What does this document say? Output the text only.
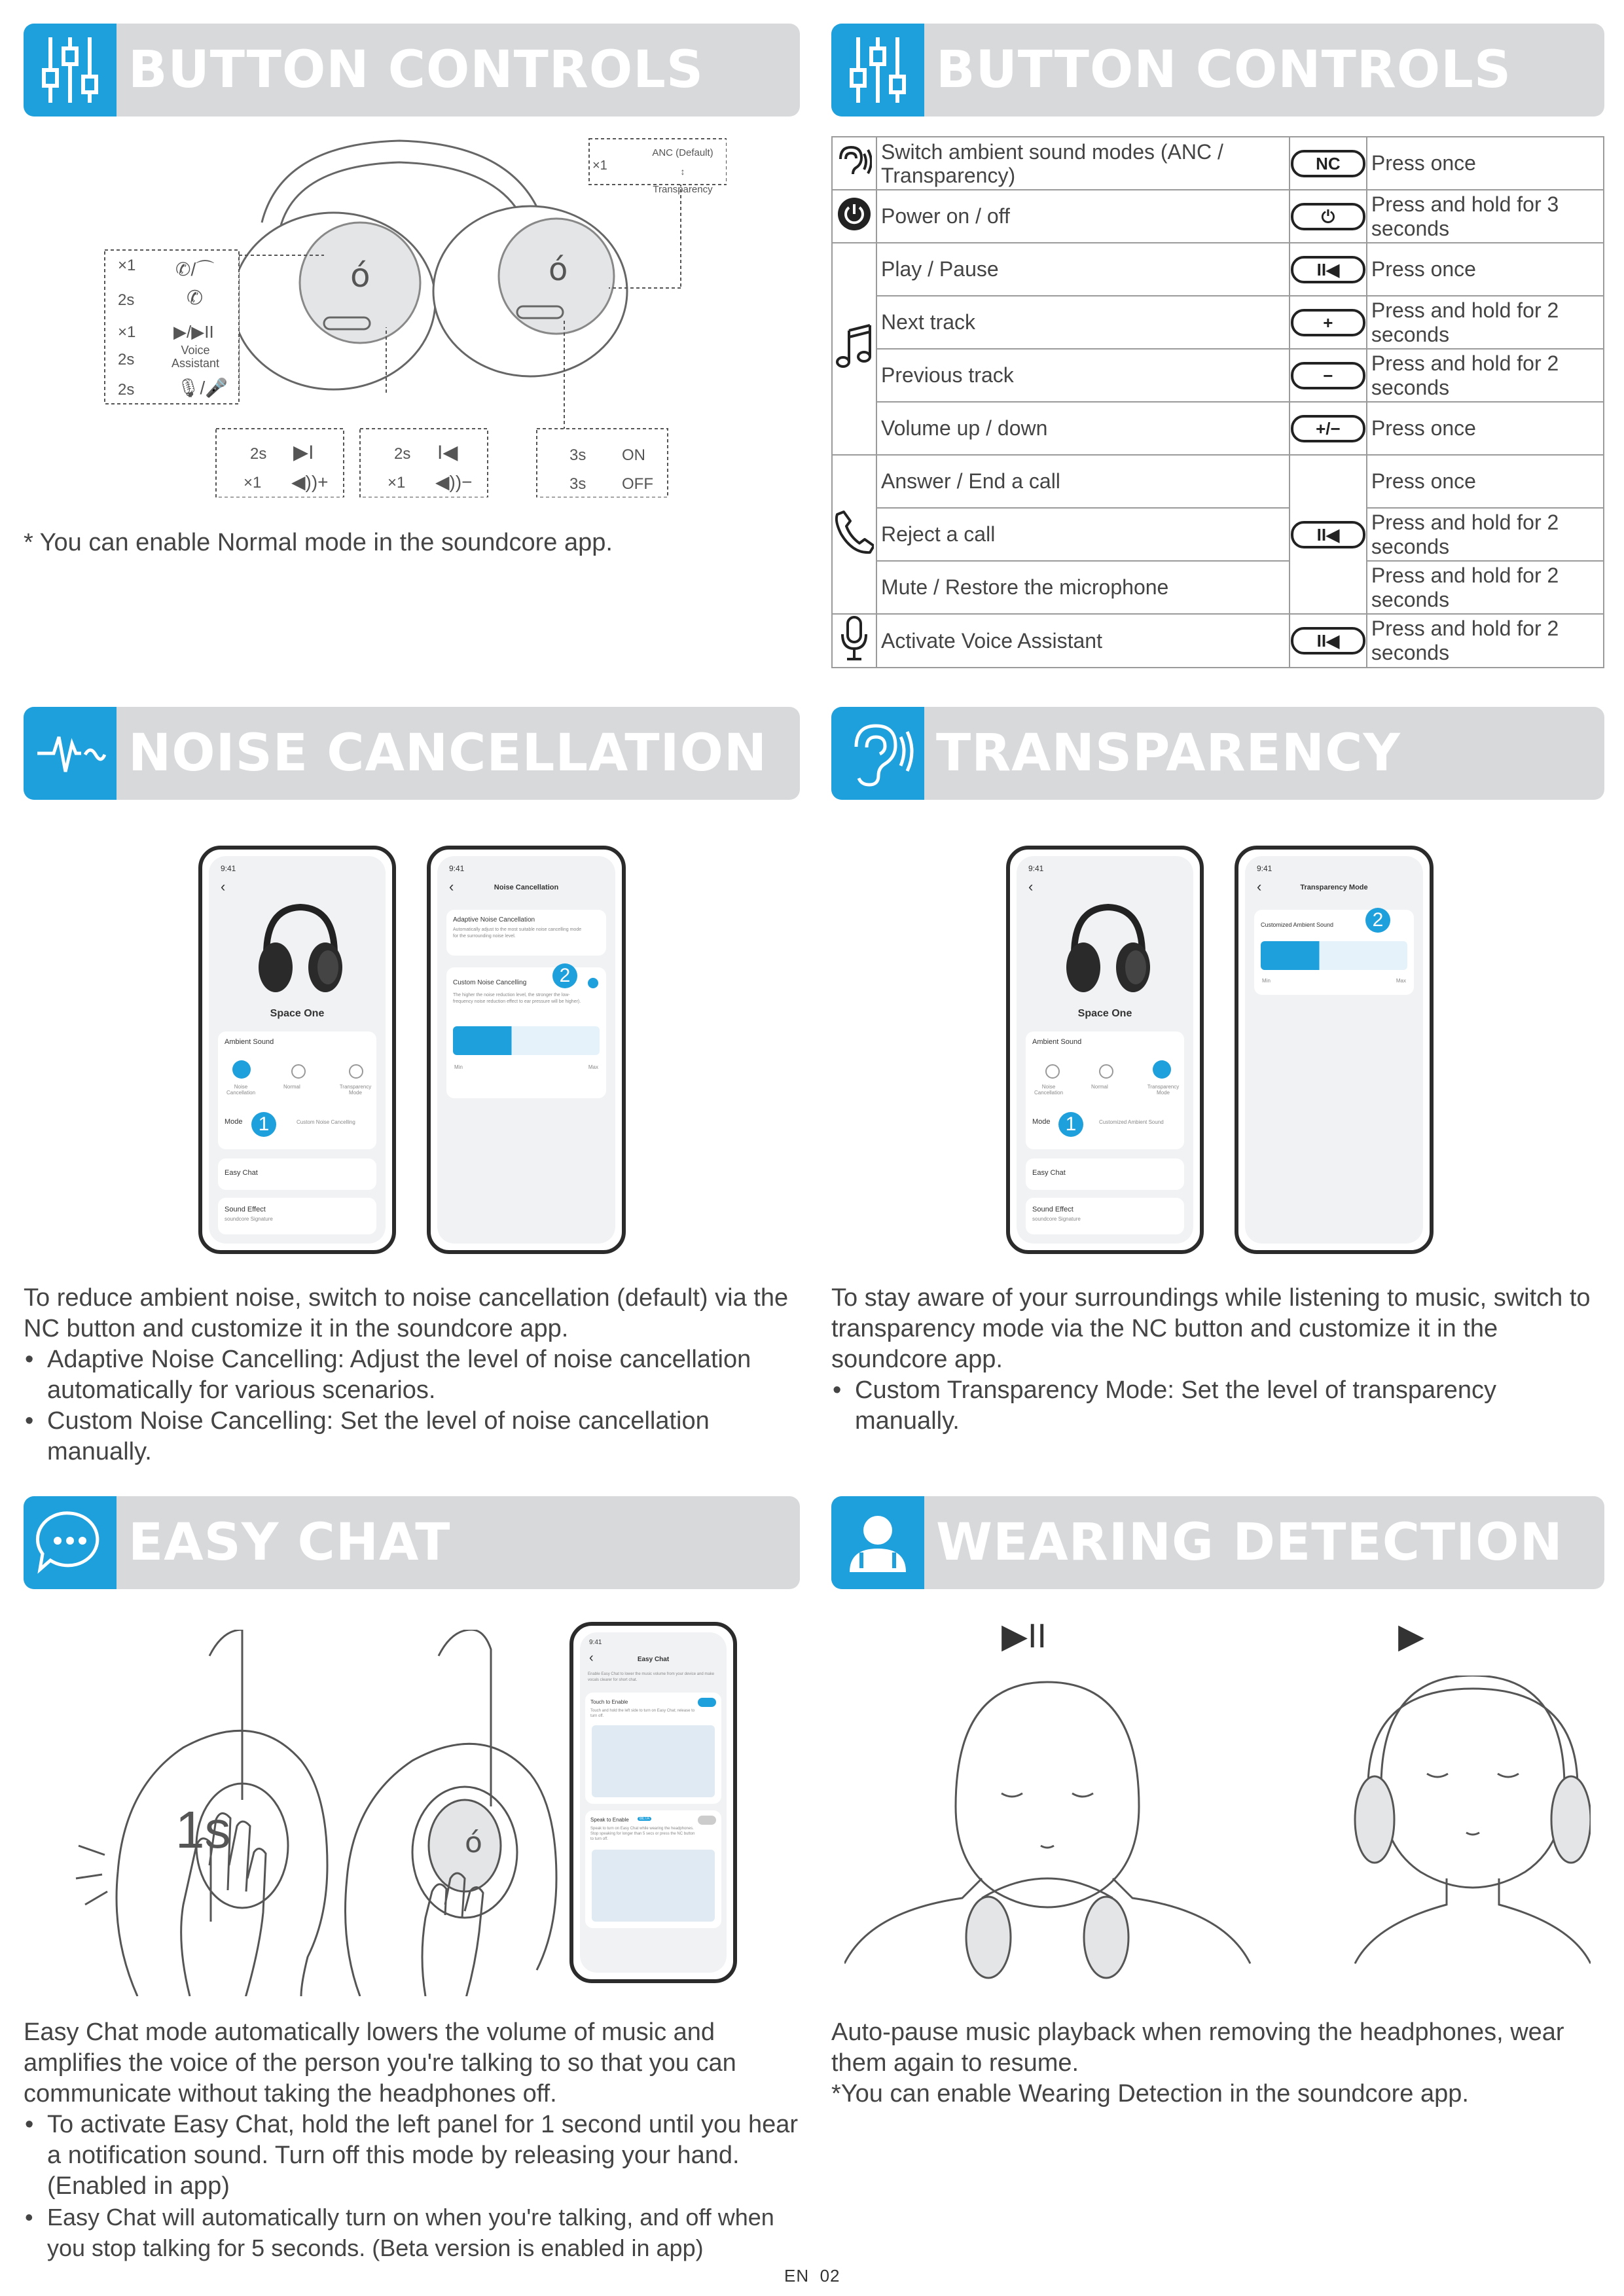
BUTTON CONTROLS	BUTTON CONTROLS
NOISE CANCELLATION	TRANSPARENCY
EASY CHAT	WEARING DETECTION
ó	ó
ANC (Default)
↕
Transparency
×1
×1 ✆/⌒
2s	✆
×1 ▶/▶II
2s
Voice
Assistant
2s 🎙/🎤
2s ▶I
×1 ◀))+
2s I◀
×1 ◀))−
3s ON
3s OFF
* You can enable Normal mode in the soundcore app.
	Switch ambient sound modes (ANC / Transparency)	NC	Press once
	Power on / off	⏻	Press and hold for 3 seconds
	Play / Pause	II◀	Press once
	Next track	+	Press and hold for 2 seconds
	Previous track	−	Press and hold for 2 seconds
	Volume up / down	+/−	Press once
	Answer / End a call	II◀	Press once
	Reject a call		Press and hold for 2 seconds
	Mute / Restore the microphone		Press and hold for 2 seconds
	Activate Voice Assistant	II◀	Press and hold for 2 seconds
9:41
‹
Space One
Ambient Sound
Noise
Cancellation
Normal	Transparency
Mode
Mode	Custom Noise Cancelling
Easy Chat
Sound Effect
soundcore Signature
1
9:41
‹	Noise Cancellation
Adaptive Noise Cancellation
Automatically adjust to the most suitable noise cancelling mode for the surrounding noise level.
Custom Noise Cancelling
The higher the noise reduction level, the stronger the low-frequency noise reduction effect to ear pressure will be higher).
Min	Max
2
9:41
‹
Space One
Ambient Sound
Noise
Cancellation
Normal	Transparency
Mode
Mode	Customized Ambient Sound
Easy Chat
Sound Effect
soundcore Signature
1
9:41
‹	Transparency Mode
Customized Ambient Sound
Min	Max
2

To reduce ambient noise, switch to noise cancellation (default) via the NC button and customize it in the soundcore app.

• Adaptive Noise Cancelling: Adjust the level of noise cancellation automatically for various scenarios.

• Custom Noise Cancelling: Set the level of noise cancellation manually.

To stay aware of your surroundings while listening to music, switch to transparency mode via the NC button and customize it in the soundcore app.

• Custom Transparency Mode: Set the level of transparency manually.

ó
1s
9:41
‹	Easy Chat
Enable Easy Chat to lower the music volume from your device and make vocals clearer for short chat.
Touch to Enable
Touch and hold the left side to turn on Easy Chat; release to turn off.
Speak to Enable	BETA
Speak to turn on Easy Chat while wearing the headphones. Stop speaking for longer than 5 secs or press the NC button to turn off.

Easy Chat mode automatically lowers the volume of music and amplifies the voice of the person you're talking to so that you can communicate without taking the headphones off.

• To activate Easy Chat, hold the left panel for 1 second until you hear a notification sound. Turn off this mode by releasing your hand. (Enabled in app)

• Easy Chat will automatically turn on when you're talking, and off when you stop talking for 5 seconds. (Beta version is enabled in app)

▶II	▶

Auto-pause music playback when removing the headphones, wear them again to resume.

*You can enable Wearing Detection in the soundcore app.

EN 02
